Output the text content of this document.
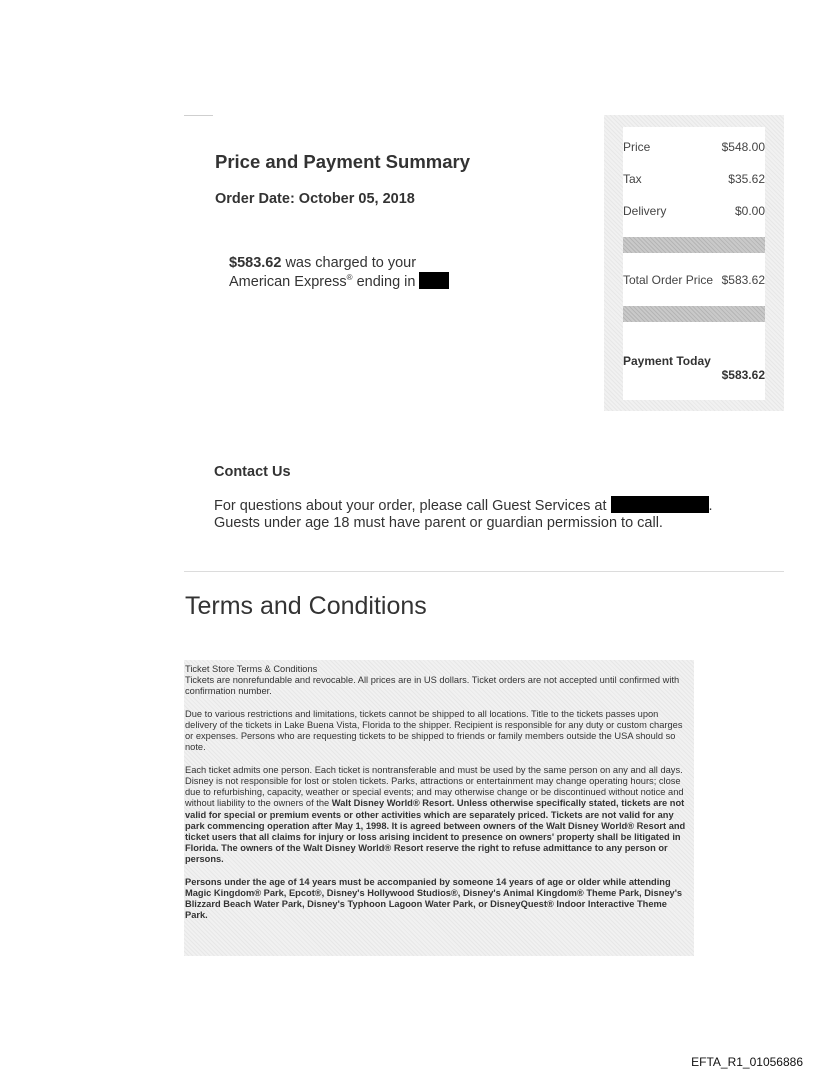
Price and Payment Summary
Order Date: October 05, 2018
$583.62 was charged to your
American Express® ending in
Price	$548.00
Tax	$35.62
Delivery	$0.00
Total Order Price $583.62
Payment Today
$583.62
Contact Us
For questions about your order, please call Guest Services at	.
Guests under age 18 must have parent or guardian permission to call.
Terms and Conditions

Ticket Store Terms & Conditions
Tickets are nonrefundable and revocable. All prices are in US dollars. Ticket orders are not accepted until confirmed with confirmation number.

Due to various restrictions and limitations, tickets cannot be shipped to all locations. Title to the tickets passes upon delivery of the tickets in Lake Buena Vista, Florida to the shipper. Recipient is responsible for any duty or custom charges or expenses. Persons who are requesting tickets to be shipped to friends or family members outside the USA should so note.

Each ticket admits one person. Each ticket is nontransferable and must be used by the same person on any and all days. Disney is not responsible for lost or stolen tickets. Parks, attractions or entertainment may change operating hours; close due to refurbishing, capacity, weather or special events; and may otherwise change or be discontinued without notice and without liability to the owners of the Walt Disney World® Resort. Unless otherwise specifically stated, tickets are not valid for special or premium events or other activities which are separately priced. Tickets are not valid for any park commencing operation after May 1, 1998. It is agreed between owners of the Walt Disney World® Resort and ticket users that all claims for injury or loss arising incident to presence on owners' property shall be litigated in Florida. The owners of the Walt Disney World® Resort reserve the right to refuse admittance to any person or persons.

Persons under the age of 14 years must be accompanied by someone 14 years of age or older while attending Magic Kingdom® Park, Epcot®, Disney's Hollywood Studios®, Disney's Animal Kingdom® Theme Park, Disney's Blizzard Beach Water Park, Disney's Typhoon Lagoon Water Park, or DisneyQuest® Indoor Interactive Theme Park.

EFTA_R1_01056886
